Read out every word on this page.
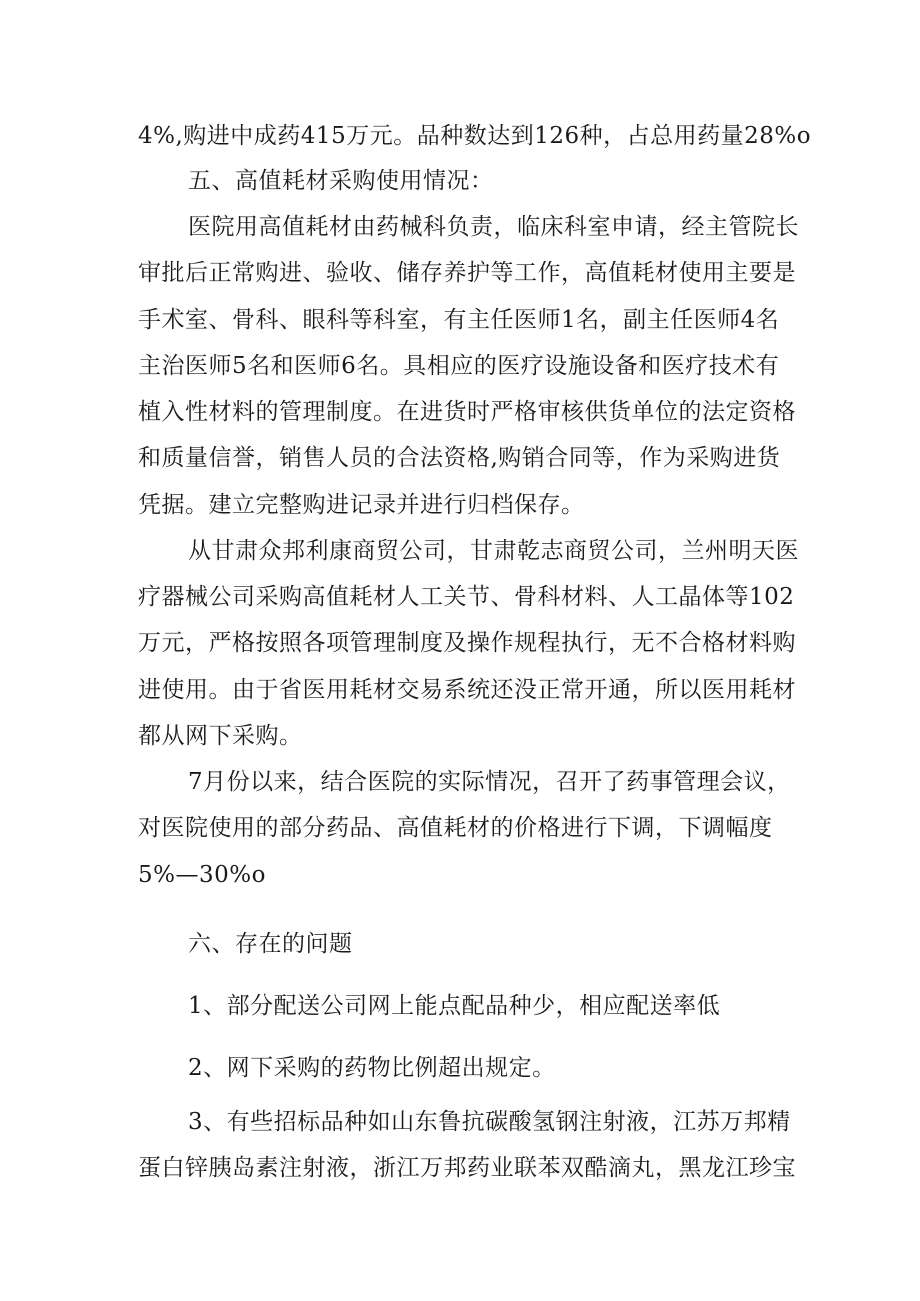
4%,购进中成药415万元。品种数达到126种，占总用药量28%o
五、高值耗材采购使用情况：
医院用高值耗材由药械科负责，临床科室申请，经主管院长
审批后正常购进、验收、储存养护等工作，高值耗材使用主要是
手术室、骨科、眼科等科室，有主任医师1名，副主任医师4名
主治医师5名和医师6名。具相应的医疗设施设备和医疗技术有
植入性材料的管理制度。在进货时严格审核供货单位的法定资格
和质量信誉，销售人员的合法资格,购销合同等，作为采购进货
凭据。建立完整购进记录并进行归档保存。
从甘肃众邦利康商贸公司，甘肃乾志商贸公司，兰州明天医
疗器械公司采购高值耗材人工关节、骨科材料、人工晶体等102
万元，严格按照各项管理制度及操作规程执行，无不合格材料购
进使用。由于省医用耗材交易系统还没正常开通，所以医用耗材
都从网下采购。
7月份以来，结合医院的实际情况，召开了药事管理会议，
对医院使用的部分药品、高值耗材的价格进行下调，下调幅度
5%—30%o
六、存在的问题
1、部分配送公司网上能点配品种少，相应配送率低
2、网下采购的药物比例超出规定。
3、有些招标品种如山东鲁抗碳酸氢钢注射液，江苏万邦精
蛋白锌胰岛素注射液，浙江万邦药业联苯双酷滴丸，黑龙江珍宝
